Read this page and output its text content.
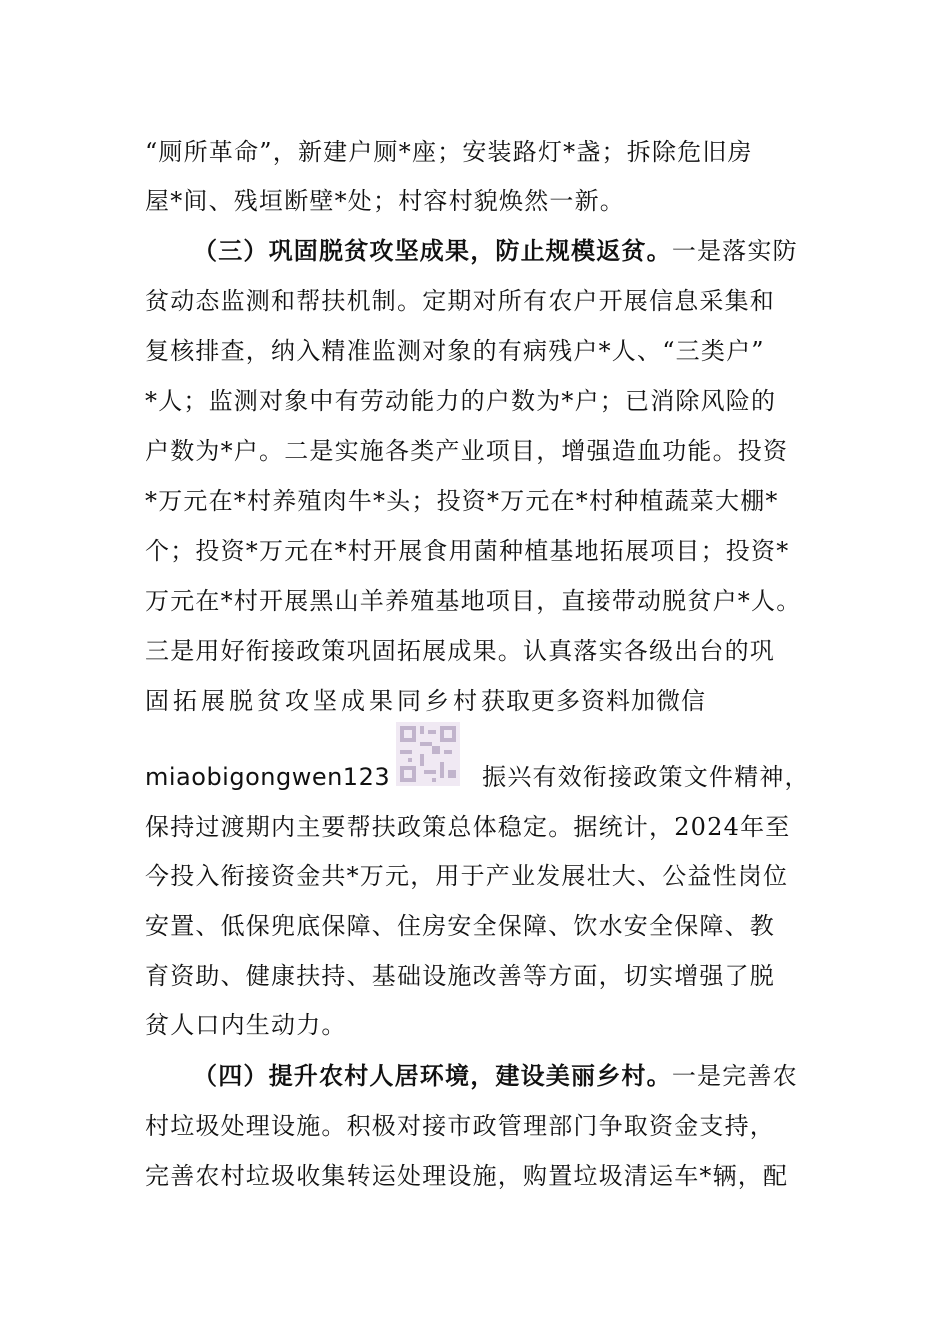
“厕所革命”，新建户厕*座；安装路灯*盏；拆除危旧房
屋*间、残垣断壁*处；村容村貌焕然一新。
（三）巩固脱贫攻坚成果，防止规模返贫。一是落实防
贫动态监测和帮扶机制。定期对所有农户开展信息采集和
复核排查，纳入精准监测对象的有病残户*人、“三类户”
*人；监测对象中有劳动能力的户数为*户；已消除风险的
户数为*户。二是实施各类产业项目，增强造血功能。投资
*万元在*村养殖肉牛*头；投资*万元在*村种植蔬菜大棚*
个；投资*万元在*村开展食用菌种植基地拓展项目；投资*
万元在*村开展黑山羊养殖基地项目，直接带动脱贫户*人。
三是用好衔接政策巩固拓展成果。认真落实各级出台的巩
固拓展脱贫攻坚成果同乡村获取更多资料加微信
miaobigongwen123	振兴有效衔接政策文件精神，
保持过渡期内主要帮扶政策总体稳定。据统计，2024年至
今投入衔接资金共*万元，用于产业发展壮大、公益性岗位
安置、低保兜底保障、住房安全保障、饮水安全保障、教
育资助、健康扶持、基础设施改善等方面，切实增强了脱
贫人口内生动力。
（四）提升农村人居环境，建设美丽乡村。一是完善农
村垃圾处理设施。积极对接市政管理部门争取资金支持，
完善农村垃圾收集转运处理设施，购置垃圾清运车*辆，配
